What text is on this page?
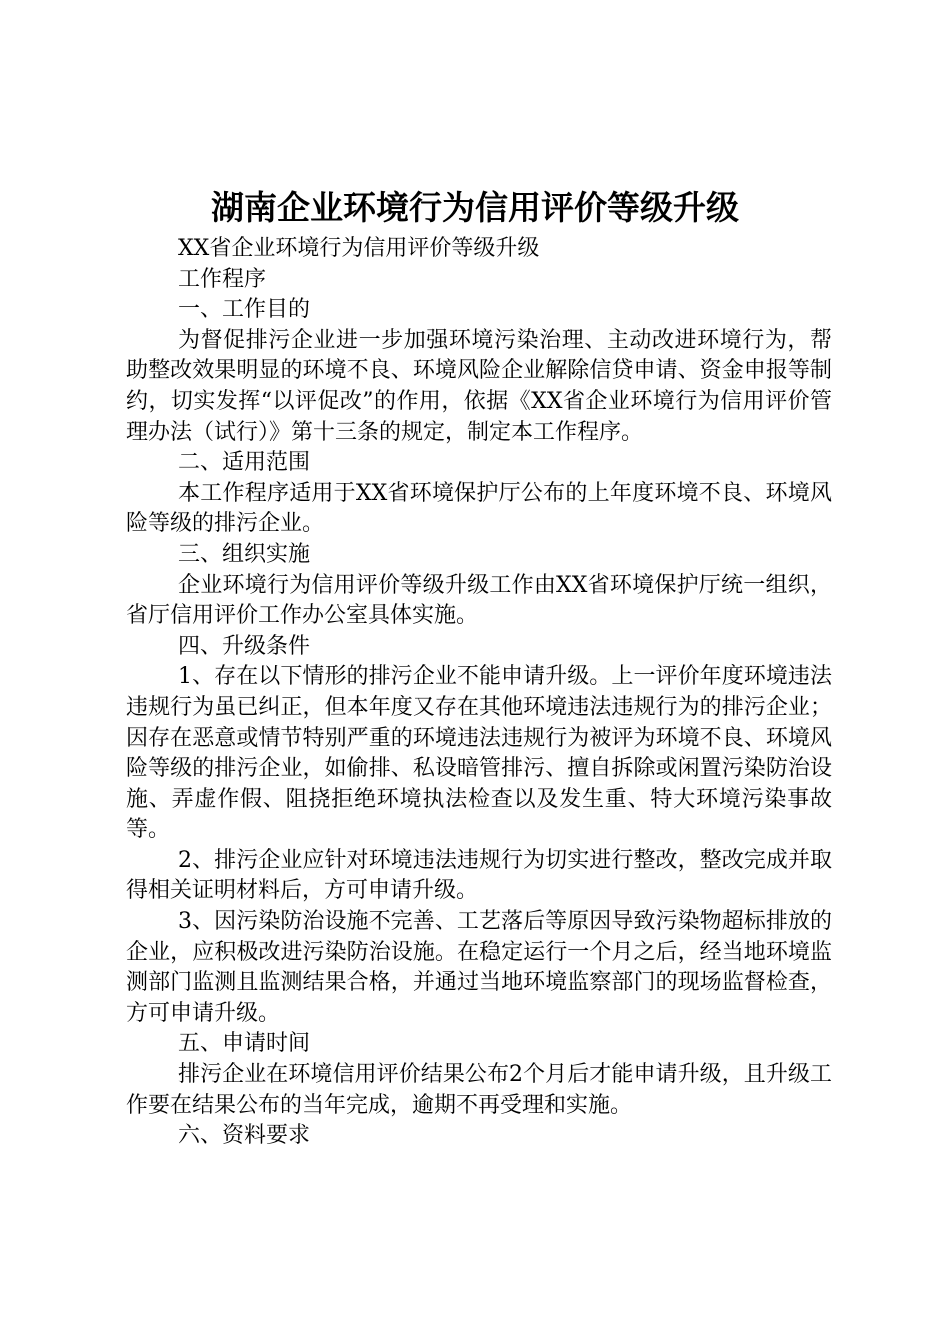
湖南企业环境行为信用评价等级升级

XX省企业环境行为信用评价等级升级

工作程序

一、工作目的

为督促排污企业进一步加强环境污染治理、主动改进环境行为，帮助整改效果明显的环境不良、环境风险企业解除信贷申请、资金申报等制约，切实发挥“以评促改”的作用，依据《XX省企业环境行为信用评价管理办法（试行）》第十三条的规定，制定本工作程序。

二、适用范围

本工作程序适用于XX省环境保护厅公布的上年度环境不良、环境风险等级的排污企业。

三、组织实施

企业环境行为信用评价等级升级工作由XX省环境保护厅统一组织，省厅信用评价工作办公室具体实施。

四、升级条件

1、存在以下情形的排污企业不能申请升级。上一评价年度环境违法违规行为虽已纠正，但本年度又存在其他环境违法违规行为的排污企业；因存在恶意或情节特别严重的环境违法违规行为被评为环境不良、环境风险等级的排污企业，如偷排、私设暗管排污、擅自拆除或闲置污染防治设施、弄虚作假、阻挠拒绝环境执法检查以及发生重、特大环境污染事故等。

2、排污企业应针对环境违法违规行为切实进行整改，整改完成并取得相关证明材料后，方可申请升级。

3、因污染防治设施不完善、工艺落后等原因导致污染物超标排放的企业，应积极改进污染防治设施。在稳定运行一个月之后，经当地环境监测部门监测且监测结果合格，并通过当地环境监察部门的现场监督检查，方可申请升级。

五、申请时间

排污企业在环境信用评价结果公布2个月后才能申请升级，且升级工作要在结果公布的当年完成，逾期不再受理和实施。

六、资料要求
